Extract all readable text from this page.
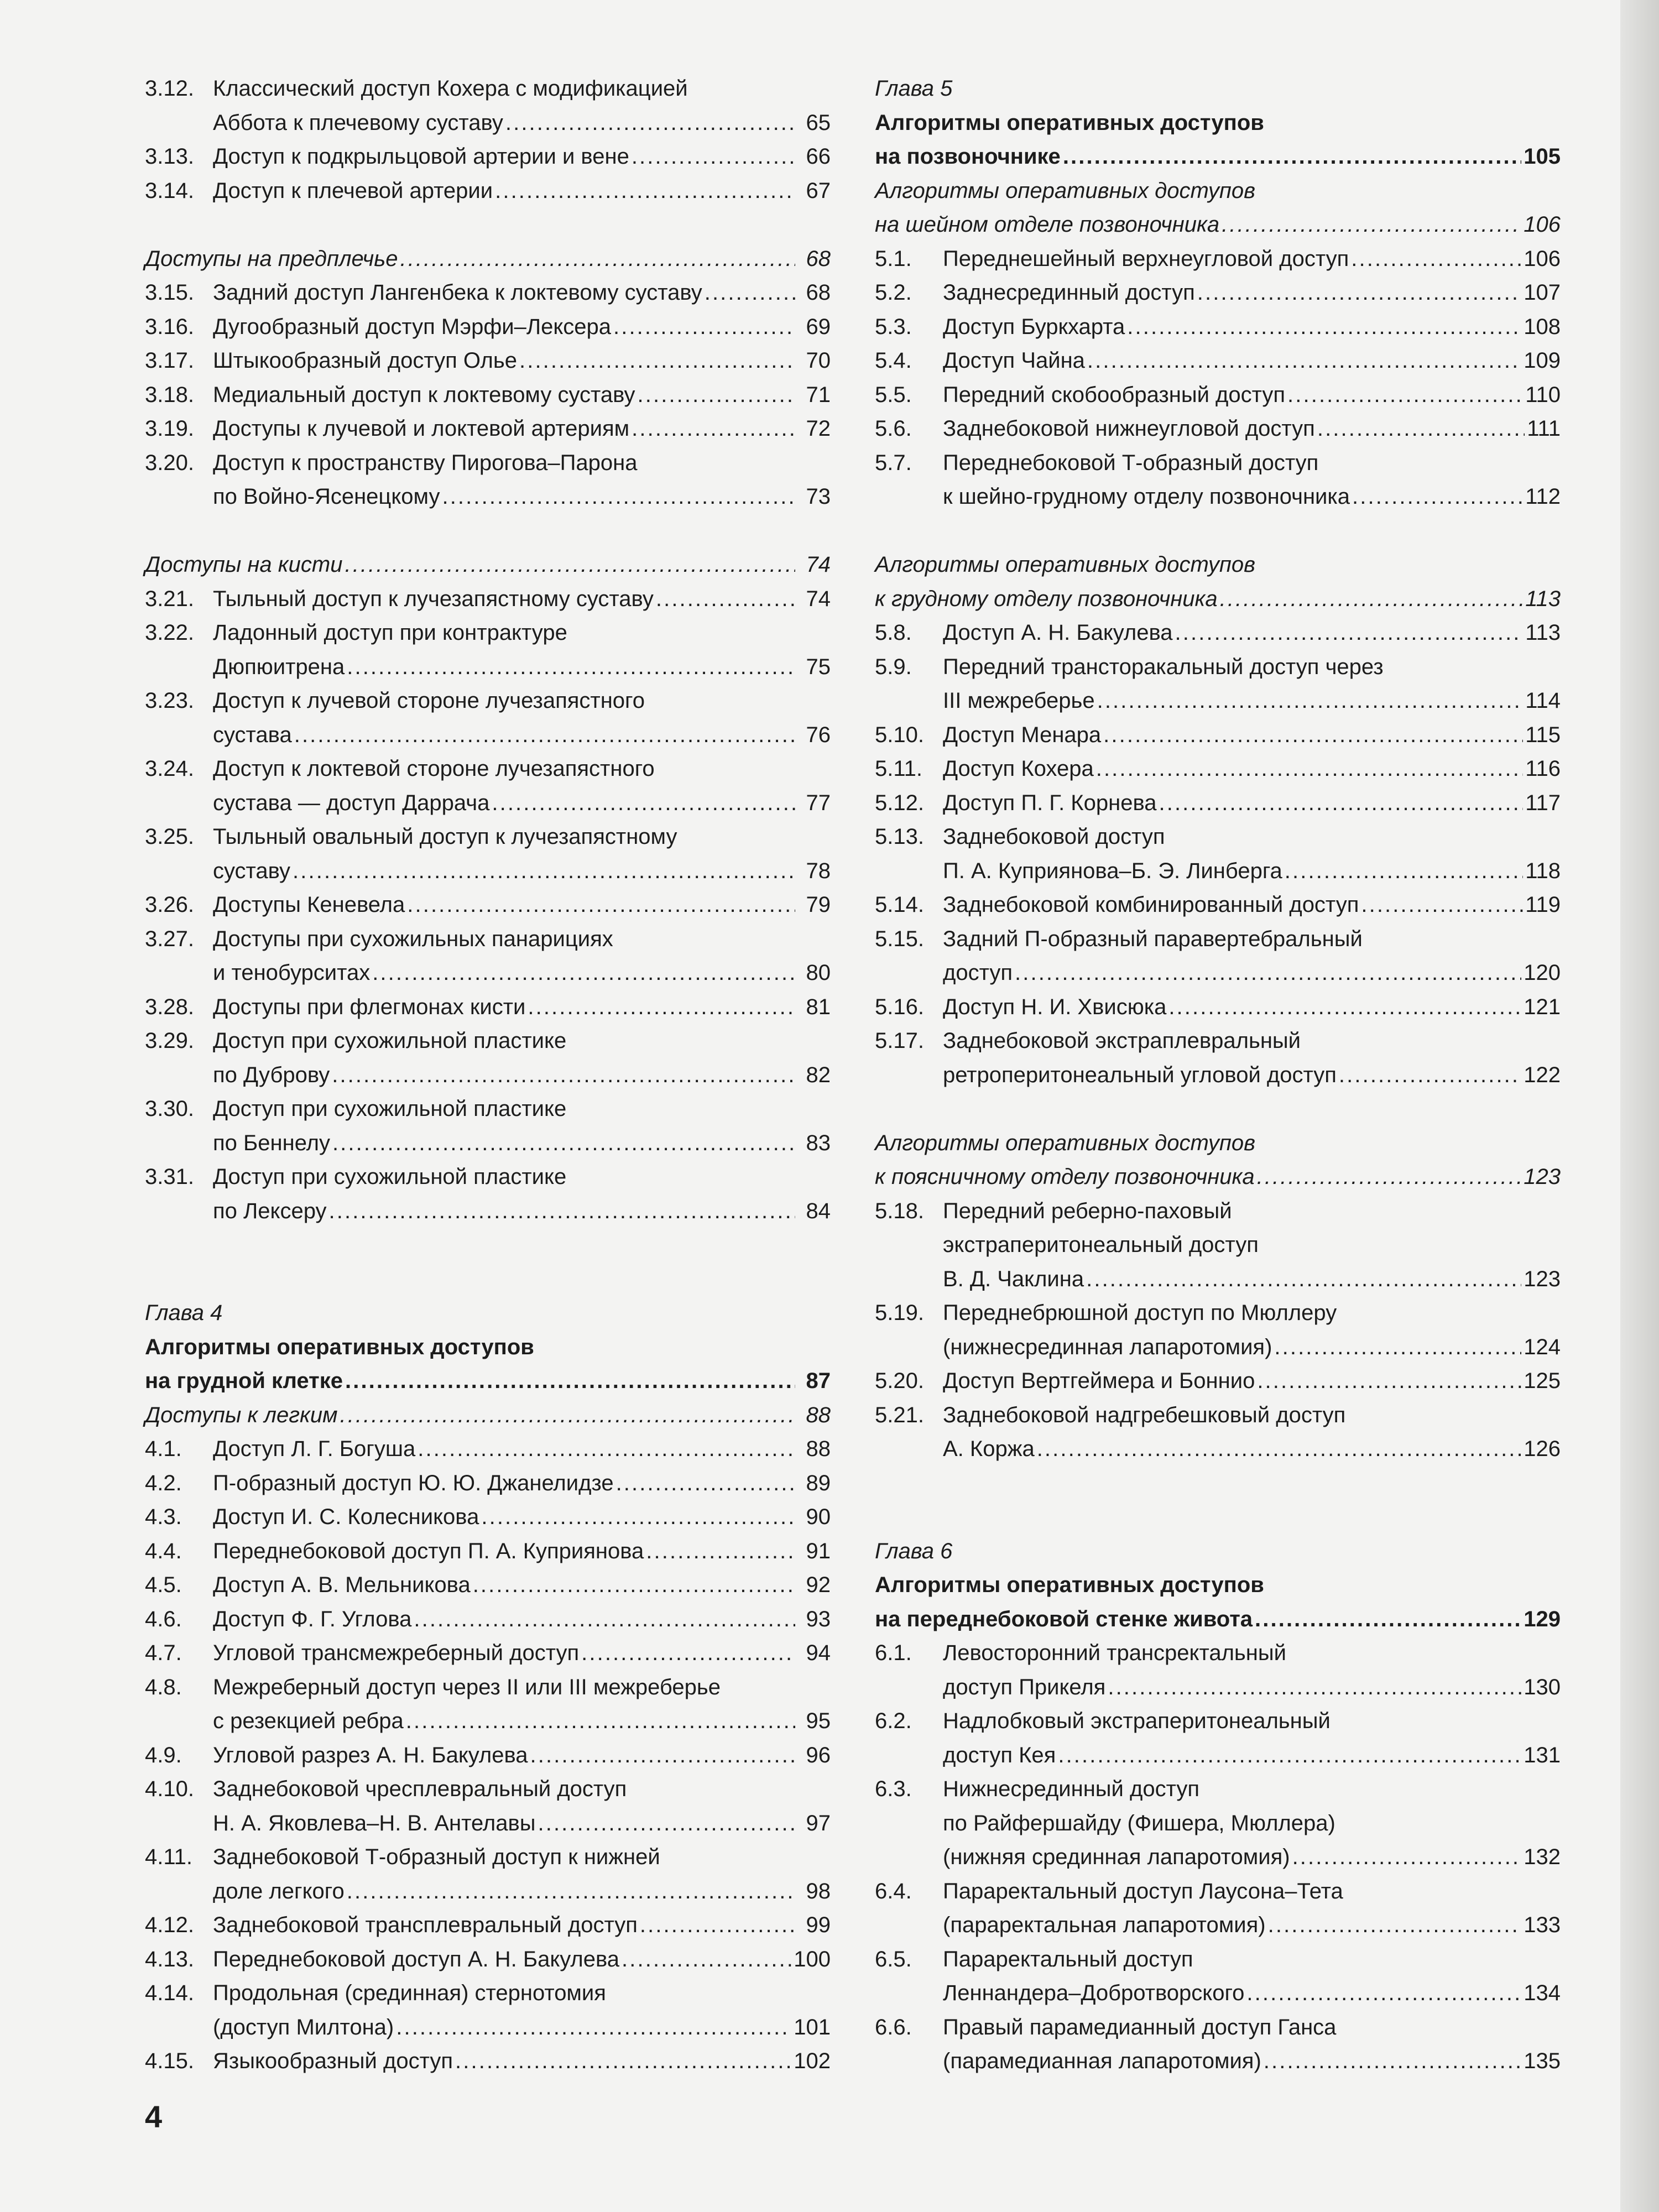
3.12. Классический доступ Кохера с модификацией
Аббота к плечевому суставу . . .	65
3.13. Доступ к подкрыльцовой артерии и вене . . .	66
3.14. Доступ к плечевой артерии . . .	67
Доступы на предплечье . . .	68
3.15. Задний доступ Лангенбека к локтевому суставу . . .	68
3.16. Дугообразный доступ Мэрфи–Лексера . . .	69
3.17. Штыкообразный доступ Олье . . .	70
3.18. Медиальный доступ к локтевому суставу . . .	71
3.19. Доступы к лучевой и локтевой артериям . . .	72
3.20. Доступ к пространству Пирогова–Парона
по Войно-Ясенецкому . . .	73
Доступы на кисти . . .	74
3.21. Тыльный доступ к лучезапястному суставу . . .	74
3.22. Ладонный доступ при контрактуре
Дюпюитрена . . .	75
3.23. Доступ к лучевой стороне лучезапястного
сустава . . .	76
3.24. Доступ к локтевой стороне лучезапястного
сустава — доступ Даррача . . .	77
3.25. Тыльный овальный доступ к лучезапястному
суставу . . .	78
3.26. Доступы Кеневела . . .	79
3.27. Доступы при сухожильных панарициях
и тенобурситах . . .	80
3.28. Доступы при флегмонах кисти . . .	81
3.29. Доступ при сухожильной пластике
по Дуброву . . .	82
3.30. Доступ при сухожильной пластике
по Беннелу . . .	83
3.31. Доступ при сухожильной пластике
по Лексеру . . .	84
Глава 4
Алгоритмы оперативных доступов
на грудной клетке . . .	87
Доступы к легким . . .	88
4.1.	Доступ Л. Г. Богуша . . .	88
4.2.	П-образный доступ Ю. Ю. Джанелидзе . . .	89
4.3.	Доступ И. С. Колесникова . . .	90
4.4.	Переднебоковой доступ П. А. Куприянова . . .	91
4.5.	Доступ А. В. Мельникова . . .	92
4.6.	Доступ Ф. Г. Углова . . .	93
4.7.	Угловой трансмежреберный доступ . . .	94
4.8.	Межреберный доступ через II или III межреберье
с резекцией ребра . . .	95
4.9.	Угловой разрез А. Н. Бакулева . . .	96
4.10. Заднебоковой чресплевральный доступ
Н. А. Яковлева–Н. В. Антелавы . . .	97
4.11. Заднебоковой Т-образный доступ к нижней
доле легкого . . .	98
4.12. Заднебоковой трансплевральный доступ . . .	99
4.13. Переднебоковой доступ А. Н. Бакулева . . .	100
4.14. Продольная (срединная) стернотомия
(доступ Милтона) . . .	101
4.15. Языкообразный доступ . . .	102
Глава 5
Алгоритмы оперативных доступов
на позвоночнике . . .	105
Алгоритмы оперативных доступов
на шейном отделе позвоночника . . .	106
5.1.	Переднешейный верхнеугловой доступ . . .	106
5.2.	Заднесрединный доступ . . .	107
5.3.	Доступ Буркхарта . . .	108
5.4.	Доступ Чайна . . .	109
5.5.	Передний скобообразный доступ . . .	110
5.6.	Заднебоковой нижнеугловой доступ . . .	111
5.7.	Переднебоковой Т-образный доступ
к шейно-грудному отделу позвоночника . . .	112
Алгоритмы оперативных доступов
к грудному отделу позвоночника . . .	113
5.8.	Доступ А. Н. Бакулева . . .	113
5.9.	Передний трансторакальный доступ через
III межреберье . . .	114
5.10. Доступ Менара . . .	115
5.11. Доступ Кохера . . .	116
5.12. Доступ П. Г. Корнева . . .	117
5.13. Заднебоковой доступ
П. А. Куприянова–Б. Э. Линберга . . .	118
5.14. Заднебоковой комбинированный доступ . . .	119
5.15. Задний П-образный паравертебральный
доступ . . .	120
5.16. Доступ Н. И. Хвисюка . . .	121
5.17. Заднебоковой экстраплевральный
ретроперитонеальный угловой доступ . . .	122
Алгоритмы оперативных доступов
к поясничному отделу позвоночника . . .	123
5.18. Передний реберно-паховый
экстраперитонеальный доступ
В. Д. Чаклина . . .	123
5.19. Переднебрюшной доступ по Мюллеру
(нижнесрединная лапаротомия) . . .	124
5.20. Доступ Вертгеймера и Боннио . . .	125
5.21. Заднебоковой надгребешковый доступ
А. Коржа . . .	126
Глава 6
Алгоритмы оперативных доступов
на переднебоковой стенке живота . . .	129
6.1.	Левосторонний трансректальный
доступ Прикеля . . .	130
6.2.	Надлобковый экстраперитонеальный
доступ Кея . . .	131
6.3.	Нижнесрединный доступ
по Райфершайду (Фишера, Мюллера)
(нижняя срединная лапаротомия) . . .	132
6.4.	Параректальный доступ Лаусона–Тета
(параректальная лапаротомия) . . .	133
6.5.	Параректальный доступ
Леннандера–Добротворского . . .	134
6.6.	Правый парамедианный доступ Ганса
(парамедианная лапаротомия) . . .	135
4
